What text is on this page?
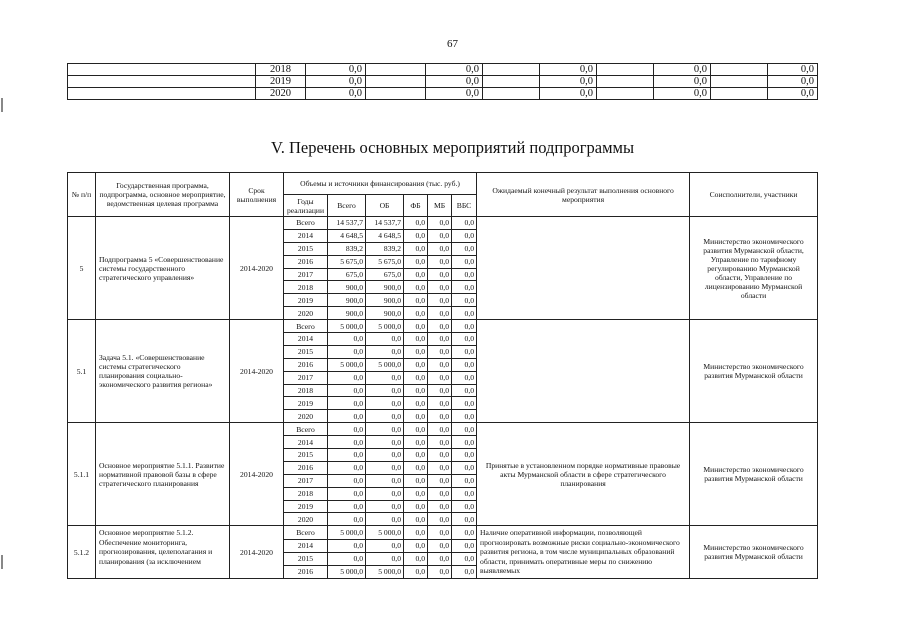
67
	2018	0,0		0,0		0,0		0,0		0,0		
	2019	0,0		0,0		0,0		0,0		0,0		
	2020	0,0		0,0		0,0		0,0		0,0		
V. Перечень основных мероприятий подпрограммы
№ п/п	Государственная программа, подпрограмма, основное мероприятие, ведомственная целевая программа	Срок выполнения	Объемы и источники финансирования (тыс. руб.)						Ожидаемый конечный результат выполнения основного мероприятия	Соисполнители, участники
			Годы реализации	Всего	ОБ	ФБ	МБ	ВБС		
5	Подпрограмма 5 «Совершенствование системы государственного стратегического управления»	2014-2020	Всего	14 537,7	14 537,7	0,0	0,0	0,0		Министерство экономического развития Мурманской области, Управление по тарифному регулированию Мурманской области, Управление по лицензированию Мурманской области
			2014	4 648,5	4 648,5	0,0	0,0	0,0		
			2015	839,2	839,2	0,0	0,0	0,0		
			2016	5 675,0	5 675,0	0,0	0,0	0,0		
			2017	675,0	675,0	0,0	0,0	0,0		
			2018	900,0	900,0	0,0	0,0	0,0		
			2019	900,0	900,0	0,0	0,0	0,0		
			2020	900,0	900,0	0,0	0,0	0,0		
5.1	Задача 5.1. «Совершенствование системы стратегического планирования социально-экономического развития региона»	2014-2020	Всего	5 000,0	5 000,0	0,0	0,0	0,0		Министерство экономического развития Мурманской области
			2014	0,0	0,0	0,0	0,0	0,0		
			2015	0,0	0,0	0,0	0,0	0,0		
			2016	5 000,0	5 000,0	0,0	0,0	0,0		
			2017	0,0	0,0	0,0	0,0	0,0		
			2018	0,0	0,0	0,0	0,0	0,0		
			2019	0,0	0,0	0,0	0,0	0,0		
			2020	0,0	0,0	0,0	0,0	0,0		
5.1.1	Основное мероприятие 5.1.1. Развитие нормативной правовой базы в сфере стратегического планирования	2014-2020	Всего	0,0	0,0	0,0	0,0	0,0	Принятые в установленном порядке нормативные правовые акты Мурманской области в сфере стратегического планирования	Министерство экономического развития Мурманской области
			2014	0,0	0,0	0,0	0,0	0,0		
			2015	0,0	0,0	0,0	0,0	0,0		
			2016	0,0	0,0	0,0	0,0	0,0		
			2017	0,0	0,0	0,0	0,0	0,0		
			2018	0,0	0,0	0,0	0,0	0,0		
			2019	0,0	0,0	0,0	0,0	0,0		
			2020	0,0	0,0	0,0	0,0	0,0		
5.1.2	Основное мероприятие 5.1.2. Обеспечение мониторинга, прогнозирования, целеполагания и планирования (за исключением	2014-2020	Всего	5 000,0	5 000,0	0,0	0,0	0,0	Наличие оперативной информации, позволяющей прогнозировать возможные риски социально-экономического развития региона, в том числе муниципальных образований области, принимать оперативные меры по снижению выявляемых	Министерство экономического развития Мурманской области
			2014	0,0	0,0	0,0	0,0	0,0		
			2015	0,0	0,0	0,0	0,0	0,0		
			2016	5 000,0	5 000,0	0,0	0,0	0,0		
